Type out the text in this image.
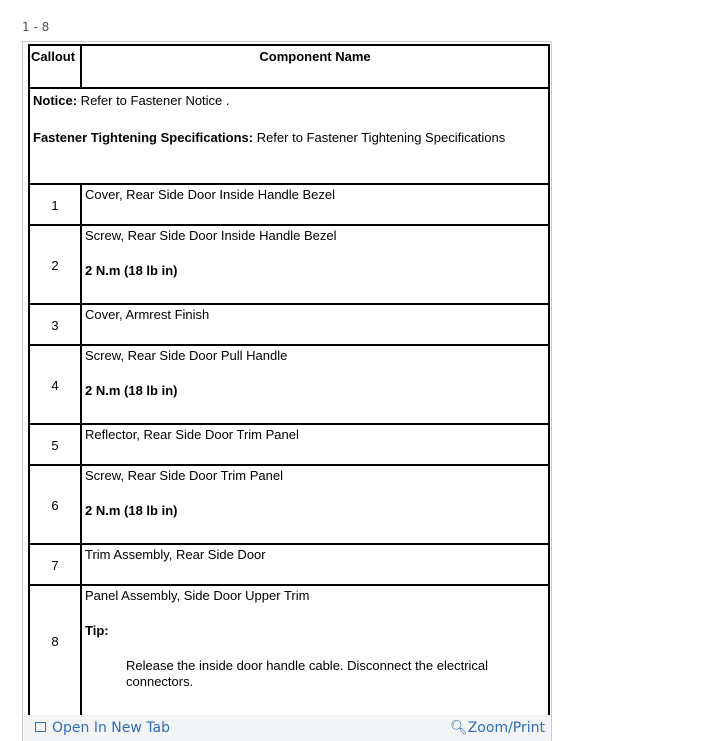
1 - 8
Callout	Component Name

Notice: Refer to Fastener Notice .

Fastener Tightening Specifications: Refer to Fastener Tightening Specifications	

1	Cover, Rear Side Door Inside Handle Bezel
2	Screw, Rear Side Door Inside Handle Bezel

2 N.m (18 lb in)
3	Cover, Armrest Finish
4	Screw, Rear Side Door Pull Handle

2 N.m (18 lb in)
5	Reflector, Rear Side Door Trim Panel
6	Screw, Rear Side Door Trim Panel

2 N.m (18 lb in)
7	Trim Assembly, Rear Side Door
8	Panel Assembly, Side Door Upper Trim

Tip:

Release the inside door handle cable. Disconnect the electrical connectors.

Open In New Tab	🔍︎Zoom/Print
